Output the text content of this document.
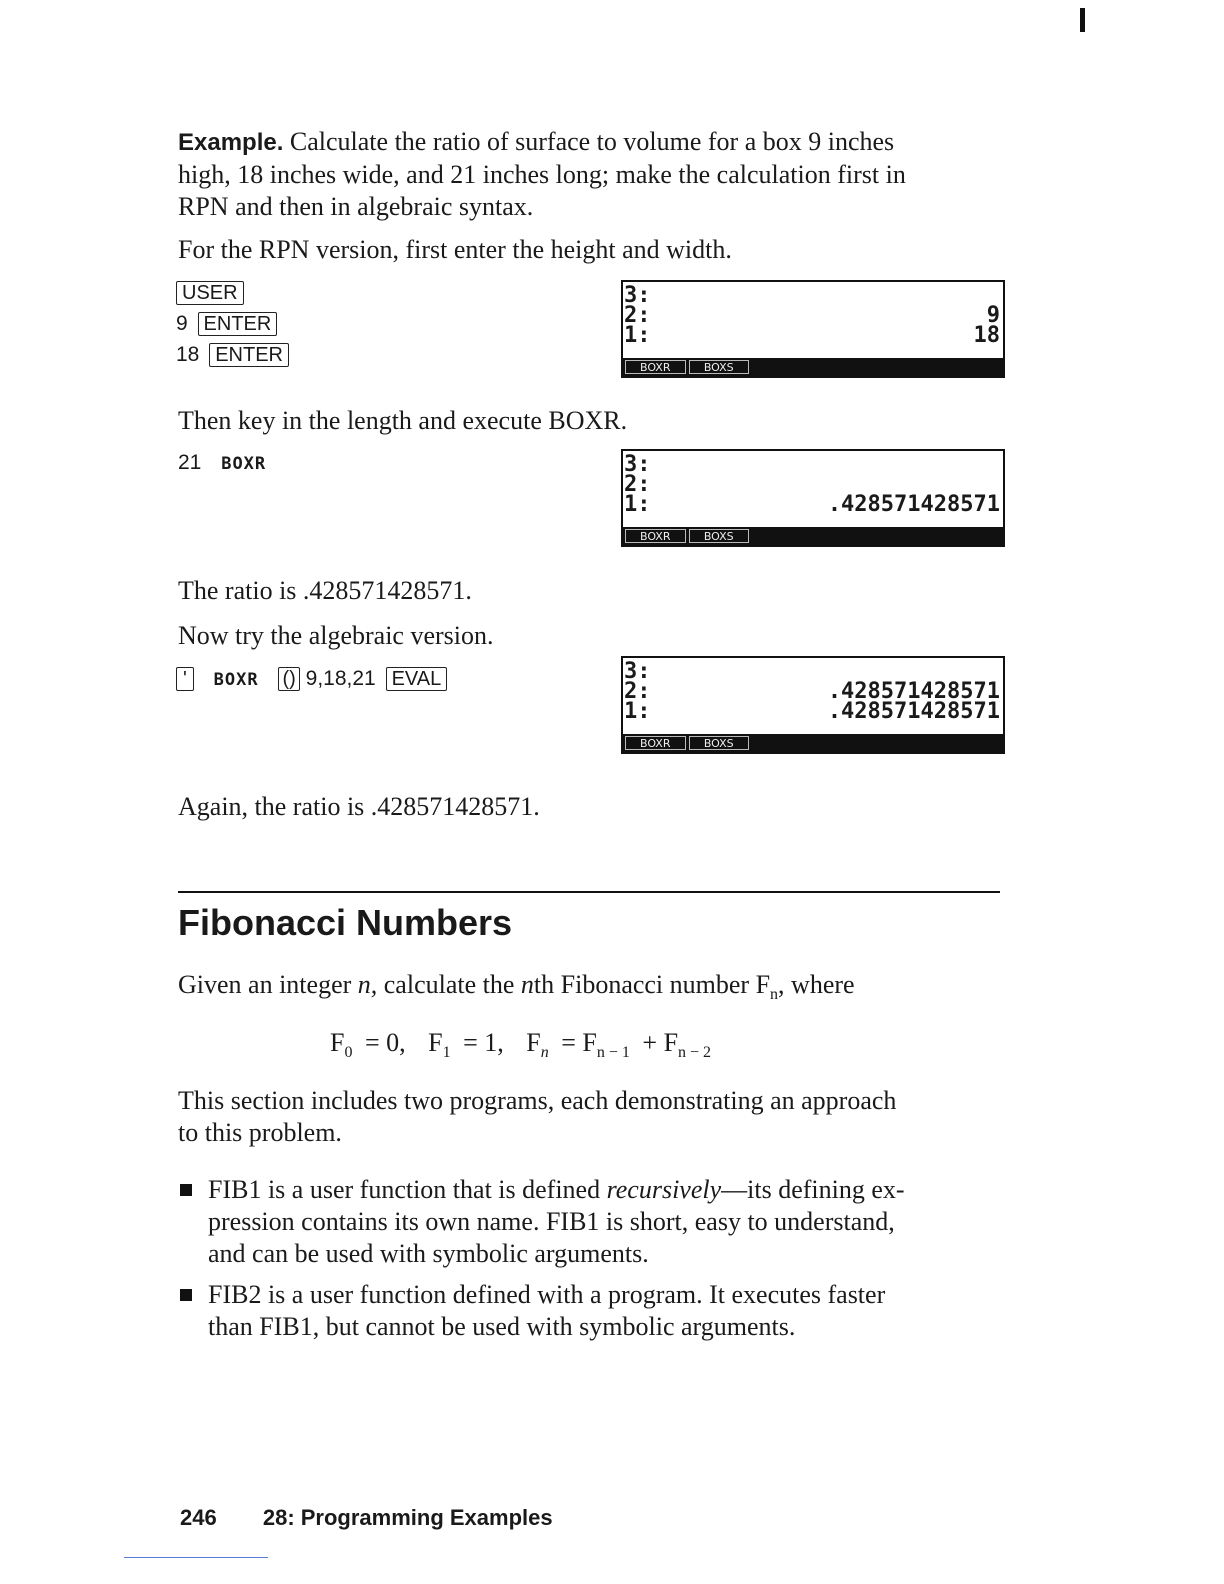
Example. Calculate the ratio of surface to volume for a box 9 inches

high, 18 inches wide, and 21 inches long; make the calculation first in

RPN and then in algebraic syntax.

For the RPN version, first enter the height and width.

USER
9 ENTER
18 ENTER
3:
2:	9
1:	18
BOXR	BOXS

Then key in the length and execute BOXR.

21 BOXR	3:
2:
1:	.428571428571
BOXR	BOXS

The ratio is .428571428571.

Now try the algebraic version.

' BOXR () 9,18,21 EVAL	3:
2:	.428571428571
1:	.428571428571
BOXR	BOXS

Again, the ratio is .428571428571.

Fibonacci Numbers

Given an integer n, calculate the nth Fibonacci number $F_n$, where

$F_0 = 0$, $F_1 = 1$, $F_n = F_{n - 1} + F_{n - 2}$

This section includes two programs, each demonstrating an approach

to this problem.

FIB1 is a user function that is defined recursively—its defining ex-

pression contains its own name. FIB1 is short, easy to understand,

and can be used with symbolic arguments.

FIB2 is a user function defined with a program. It executes faster

than FIB1, but cannot be used with symbolic arguments.

246 28: Programming Examples
